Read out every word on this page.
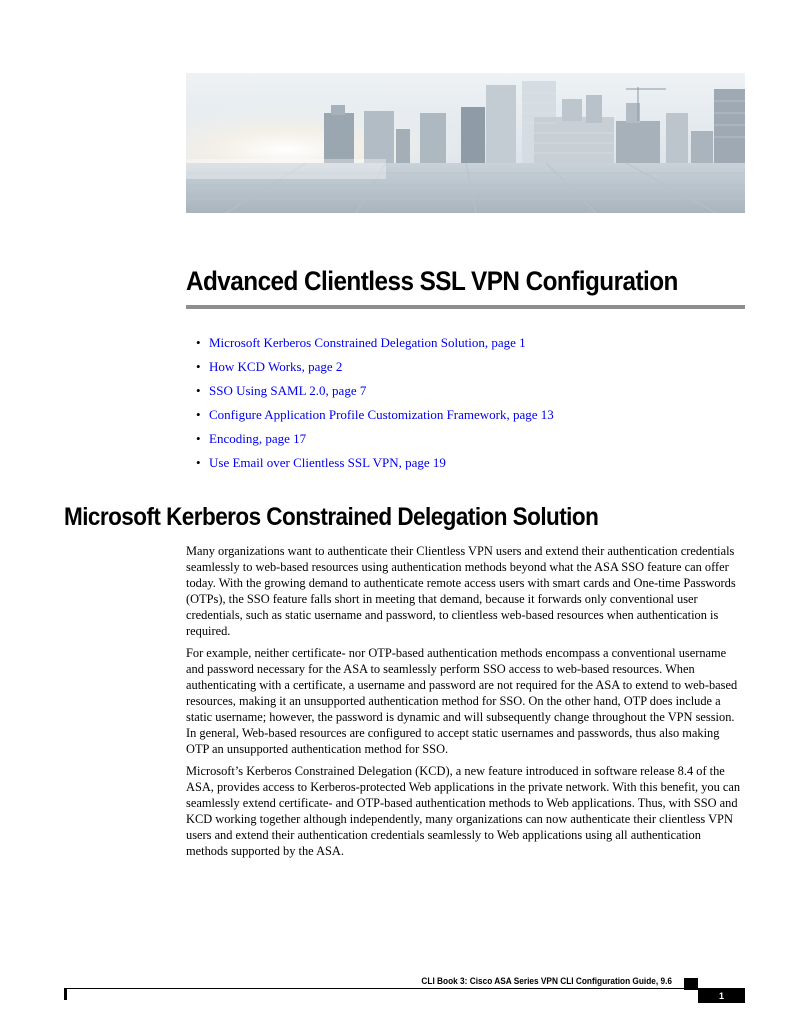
Advanced Clientless SSL VPN Configuration
• Microsoft Kerberos Constrained Delegation Solution, page 1
• How KCD Works, page 2
• SSO Using SAML 2.0, page 7
• Configure Application Profile Customization Framework, page 13
• Encoding, page 17
• Use Email over Clientless SSL VPN, page 19
Microsoft Kerberos Constrained Delegation Solution

Many organizations want to authenticate their Clientless VPN users and extend their authentication credentials seamlessly to web-based resources using authentication methods beyond what the ASA SSO feature can offer today. With the growing demand to authenticate remote access users with smart cards and One-time Passwords (OTPs), the SSO feature falls short in meeting that demand, because it forwards only conventional user credentials, such as static username and password, to clientless web-based resources when authentication is required.

For example, neither certificate- nor OTP-based authentication methods encompass a conventional username and password necessary for the ASA to seamlessly perform SSO access to web-based resources. When authenticating with a certificate, a username and password are not required for the ASA to extend to web-based resources, making it an unsupported authentication method for SSO. On the other hand, OTP does include a static username; however, the password is dynamic and will subsequently change throughout the VPN session. In general, Web-based resources are configured to accept static usernames and passwords, thus also making OTP an unsupported authentication method for SSO.

Microsoft’s Kerberos Constrained Delegation (KCD), a new feature introduced in software release 8.4 of the ASA, provides access to Kerberos-protected Web applications in the private network. With this benefit, you can seamlessly extend certificate- and OTP-based authentication methods to Web applications. Thus, with SSO and KCD working together although independently, many organizations can now authenticate their clientless VPN users and extend their authentication credentials seamlessly to Web applications using all authentication methods supported by the ASA.

CLI Book 3: Cisco ASA Series VPN CLI Configuration Guide, 9.6
1
